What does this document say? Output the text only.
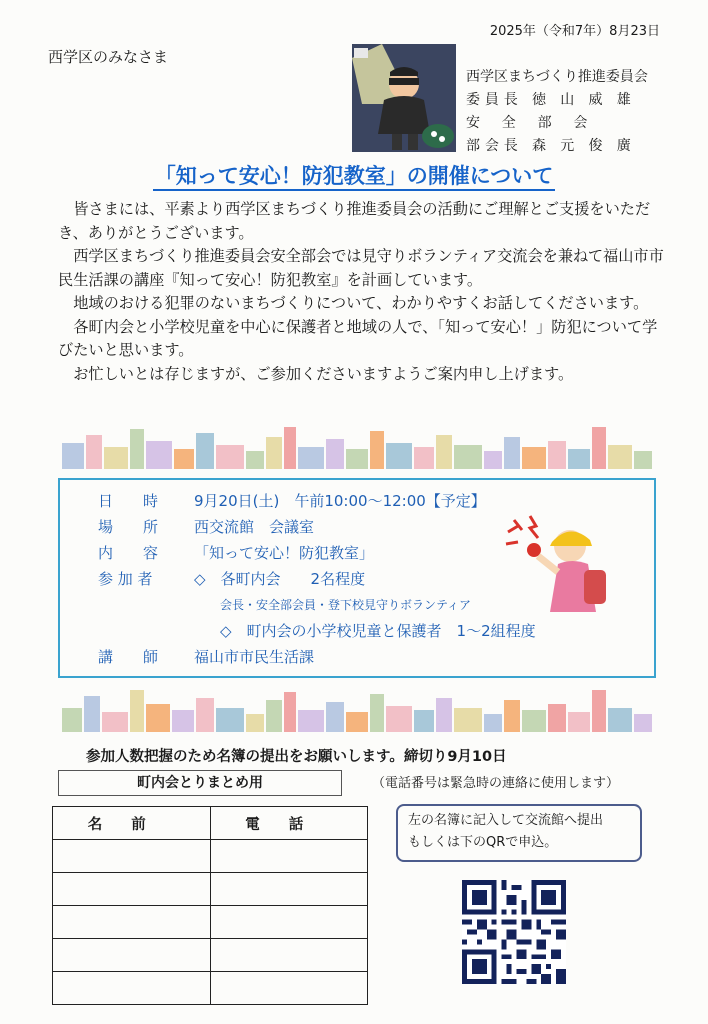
2025年（令和7年）8月23日
西学区のみなさま
西学区まちづくり推進委員会
委員長 徳 山 威 雄
安 全 部 会
部会長 森 元 俊 廣
「知って安心！防犯教室」の開催について

皆さまには、平素より西学区まちづくり推進委員会の活動にご理解とご支援をいただき、ありがとうございます。

西学区まちづくり推進委員会安全部会では見守りボランティア交流会を兼ねて福山市市民生活課の講座『知って安心！防犯教室』を計画しています。

地域のおける犯罪のないまちづくりについて、わかりやすくお話してくださいます。

各町内会と小学校児童を中心に保護者と地域の人で、「知って安心！」防犯について学びたいと思います。

お忙しいとは存じますが、ご参加くださいますようご案内申し上げます。

日　　時 9月20日(土)　午前10:00～12:00【予定】
場　　所 西交流館　会議室
内　　容 「知って安心！防犯教室」
参 加 者	◇　各町内会　　2名程度
会長・安全部会員・登下校見守りボランティア
◇　町内会の小学校児童と保護者　1～2組程度
講　　師 福山市市民生活課
参加人数把握のため名簿の提出をお願いします。締切り9月10日
町内会とりまとめ用	（電話番号は緊急時の連絡に使用します）
名前	電話

		左の名簿に記入して交流館へ提出
もしくは下のQRで申込。
